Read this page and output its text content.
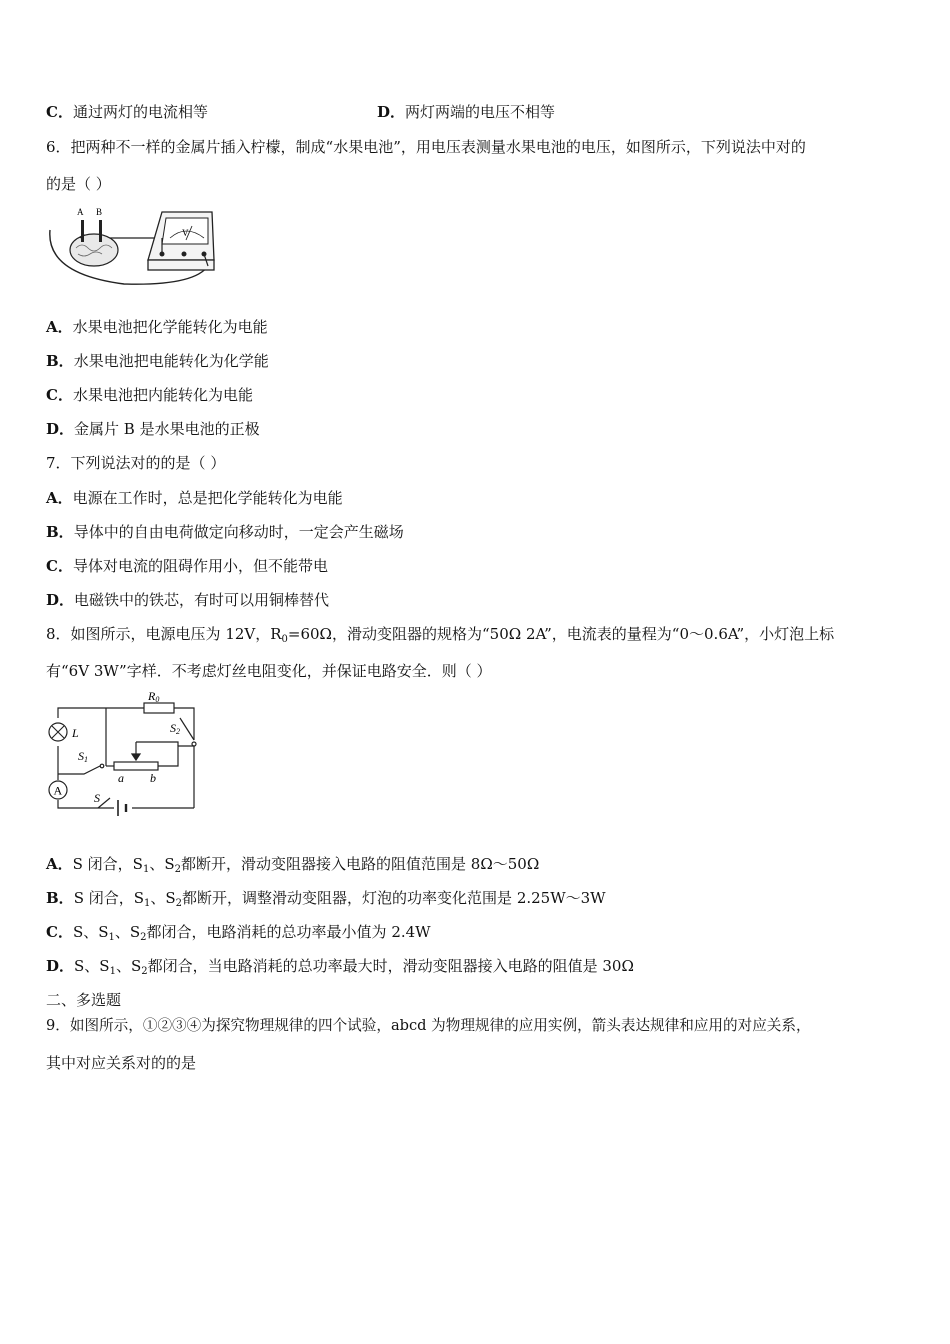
C．通过两灯的电流相等	D．两灯两端的电压不相等
6．把两种不一样的金属片插入柠檬，制成“水果电池”，用电压表测量水果电池的电压，如图所示，下列说法中对的
的是（ ）
A B
V
A．水果电池把化学能转化为电能
B．水果电池把电能转化为化学能
C．水果电池把内能转化为电能
D．金属片 B 是水果电池的正极
7．下列说法对的的是（ ）
A．电源在工作时，总是把化学能转化为电能
B．导体中的自由电荷做定向移动时，一定会产生磁场
C．导体对电流的阻碍作用小，但不能带电
D．电磁铁中的铁芯，有时可以用铜棒替代
8．如图所示，电源电压为 12V，$R_0=60\Omega$，滑动变阻器的规格为“50Ω 2A”，电流表的量程为“0～0.6A”，小灯泡上标
有“6V 3W”字样．不考虑灯丝电阻变化，并保证电路安全．则（ ）
A
R0
L
S1
S2
S
a b
A．S 闭合，$S_1$、$S_2$都断开，滑动变阻器接入电路的阻值范围是 8Ω～50Ω
B．S 闭合，$S_1$、$S_2$都断开，调整滑动变阻器，灯泡的功率变化范围是 2.25W～3W
C．S、$S_1$、$S_2$都闭合，电路消耗的总功率最小值为 2.4W
D．S、$S_1$、$S_2$都闭合，当电路消耗的总功率最大时，滑动变阻器接入电路的阻值是 30Ω
二、多选题
9．如图所示，①②③④为探究物理规律的四个试验，abcd 为物理规律的应用实例，箭头表达规律和应用的对应关系，
其中对应关系对的的是
